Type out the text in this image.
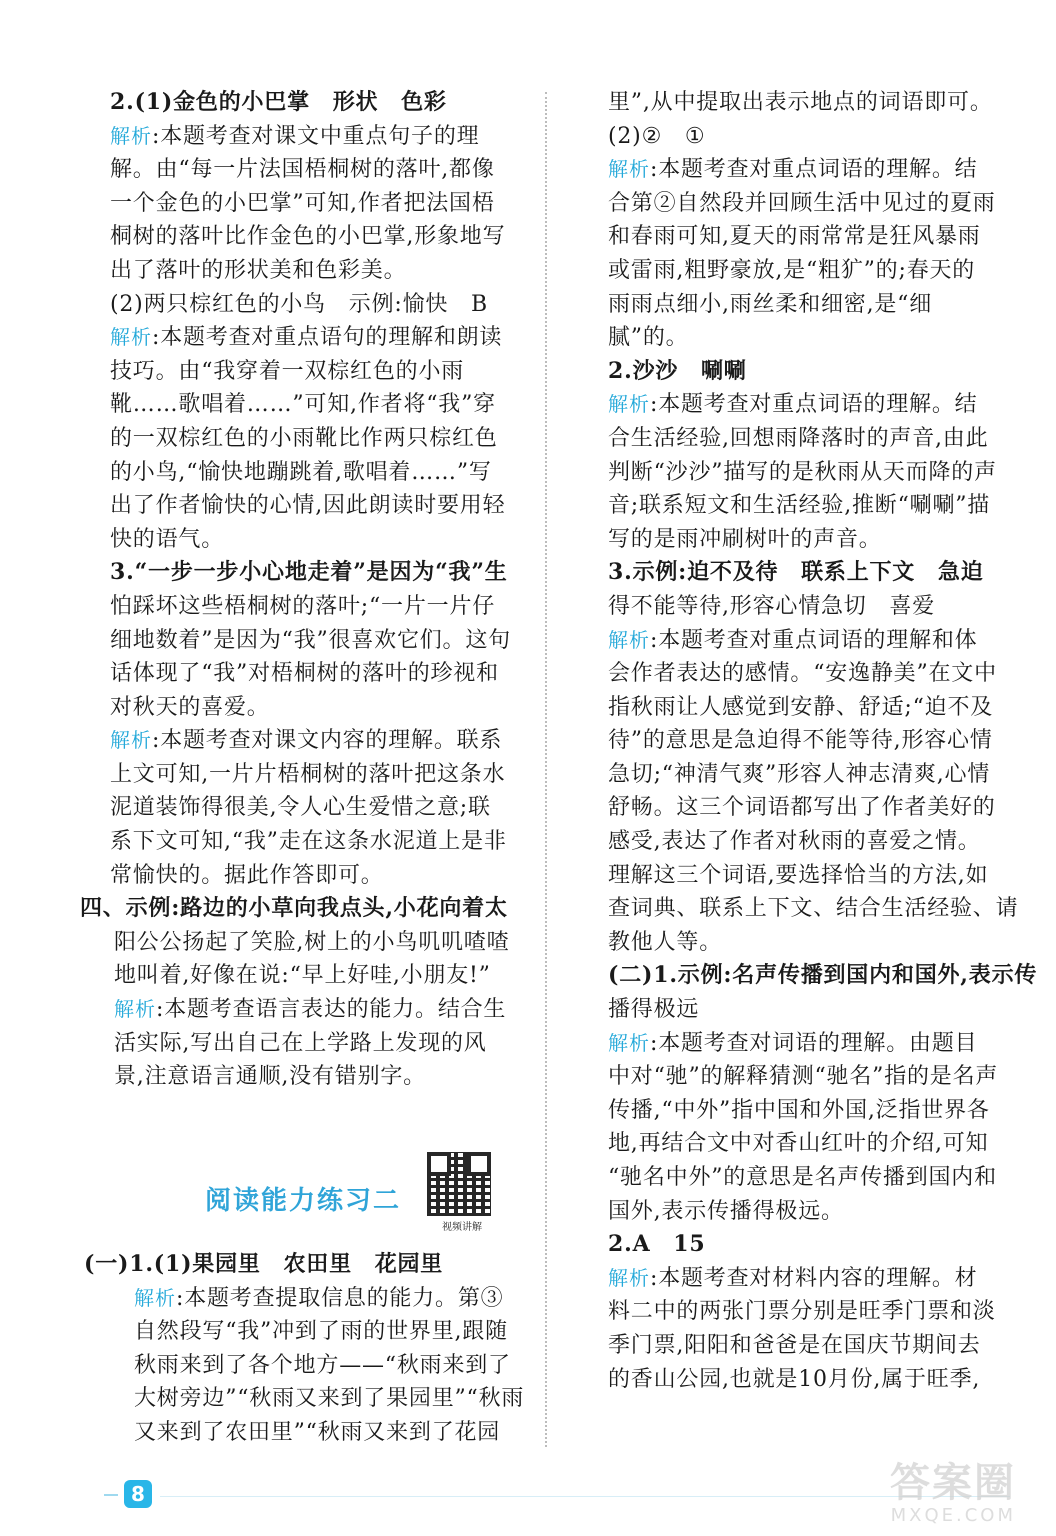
2.(1)金色的小巴掌　形状　色彩

解析:本题考查对课文中重点句子的理

解。由“每一片法国梧桐树的落叶,都像

一个金色的小巴掌”可知,作者把法国梧

桐树的落叶比作金色的小巴掌,形象地写

出了落叶的形状美和色彩美。

(2)两只棕红色的小鸟　示例:愉快　B

解析:本题考查对重点语句的理解和朗读

技巧。由“我穿着一双棕红色的小雨

靴……歌唱着……”可知,作者将“我”穿

的一双棕红色的小雨靴比作两只棕红色

的小鸟,“愉快地蹦跳着,歌唱着……”写

出了作者愉快的心情,因此朗读时要用轻

快的语气。

3.“一步一步小心地走着”是因为“我”生

怕踩坏这些梧桐树的落叶;“一片一片仔

细地数着”是因为“我”很喜欢它们。这句

话体现了“我”对梧桐树的落叶的珍视和

对秋天的喜爱。

解析:本题考查对课文内容的理解。联系

上文可知,一片片梧桐树的落叶把这条水

泥道装饰得很美,令人心生爱惜之意;联

系下文可知,“我”走在这条水泥道上是非

常愉快的。据此作答即可。

四、示例:路边的小草向我点头,小花向着太

阳公公扬起了笑脸,树上的小鸟叽叽喳喳

地叫着,好像在说:“早上好哇,小朋友!”

解析:本题考查语言表达的能力。结合生

活实际,写出自己在上学路上发现的风

景,注意语言通顺,没有错别字。

阅读能力练习二
视频讲解

(一)1.(1)果园里　农田里　花园里

解析:本题考查提取信息的能力。第③

自然段写“我”冲到了雨的世界里,跟随

秋雨来到了各个地方——“秋雨来到了

大树旁边”“秋雨又来到了果园里”“秋雨

又来到了农田里”“秋雨又来到了花园

里”,从中提取出表示地点的词语即可。

(2)②　①

解析:本题考查对重点词语的理解。结

合第②自然段并回顾生活中见过的夏雨

和春雨可知,夏天的雨常常是狂风暴雨

或雷雨,粗野豪放,是“粗犷”的;春天的

雨雨点细小,雨丝柔和细密,是“细

腻”的。

2.沙沙　唰唰

解析:本题考查对重点词语的理解。结

合生活经验,回想雨降落时的声音,由此

判断“沙沙”描写的是秋雨从天而降的声

音;联系短文和生活经验,推断“唰唰”描

写的是雨冲刷树叶的声音。

3.示例:迫不及待　联系上下文　急迫

得不能等待,形容心情急切　喜爱

解析:本题考查对重点词语的理解和体

会作者表达的感情。“安逸静美”在文中

指秋雨让人感觉到安静、舒适;“迫不及

待”的意思是急迫得不能等待,形容心情

急切;“神清气爽”形容人神志清爽,心情

舒畅。这三个词语都写出了作者美好的

感受,表达了作者对秋雨的喜爱之情。

理解这三个词语,要选择恰当的方法,如

查词典、联系上下文、结合生活经验、请

教他人等。

(二)1.示例:名声传播到国内和国外,表示传

播得极远

解析:本题考查对词语的理解。由题目

中对“驰”的解释猜测“驰名”指的是名声

传播,“中外”指中国和外国,泛指世界各

地,再结合文中对香山红叶的介绍,可知

“驰名中外”的意思是名声传播到国内和

国外,表示传播得极远。

2.A　15

解析:本题考查对材料内容的理解。材

料二中的两张门票分别是旺季门票和淡

季门票,阳阳和爸爸是在国庆节期间去

的香山公园,也就是10月份,属于旺季,

8	答案圈
MXQE.COM
